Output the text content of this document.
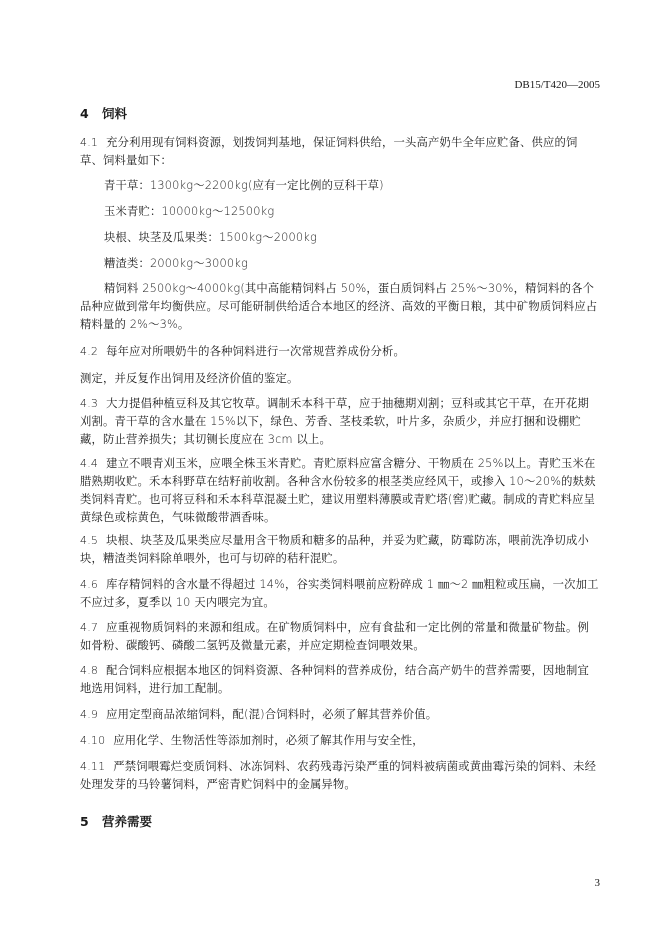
DB15/T420—2005
4 饲料
4.1 充分利用现有饲料资源，划拨饲判基地，保证饲料供给，一头高产奶牛全年应贮备、供应的饲草、饲料量如下：
青干草：1300kg～2200kg(应有一定比例的豆科干草)
玉米青贮：10000kg～12500kg
块根、块茎及瓜果类：1500kg～2000kg
糟渣类：2000kg～3000kg
精饲料 2500kg～4000kg(其中高能精饲料占 50%，蛋白质饲料占 25%～30%，精饲料的各个品种应做到常年均衡供应。尽可能研制供给适合本地区的经济、高效的平衡日粮，其中矿物质饲料应占精料量的 2%～3%。
4.2 每年应对所喂奶牛的各种饲料进行一次常规营养成份分析。
测定，并反复作出饲用及经济价值的鉴定。
4.3 大力提倡种植豆科及其它牧草。调制禾本科干草，应于抽穗期刈割；豆科或其它干草，在开花期刈割。青干草的含水量在 15%以下，绿色、芳香、茎枝柔软，叶片多，杂质少，并应打捆和设棚贮藏，防止营养损失；其切铡长度应在 3cm 以上。
4.4 建立不喂青刈玉米，应喂全株玉米青贮。青贮原料应富含糖分、干物质在 25%以上。青贮玉米在腊熟期收贮。禾本科野草在结籽前收割。各种含水份较多的根茎类应经风干，或掺入 10～20%的麸麸类饲料青贮。也可将豆科和禾本科草混凝土贮，建议用塑料薄膜或青贮塔(窖)贮藏。制成的青贮料应呈黄绿色或棕黄色，气味微酸带酒香味。
4.5 块根、块茎及瓜果类应尽量用含干物质和糖多的品种，并妥为贮藏，防霉防冻，喂前洗净切成小块，糟渣类饲料除单喂外，也可与切碎的秸秆混贮。
4.6 库存精饲料的含水量不得超过 14%，谷实类饲料喂前应粉碎成 1 ㎜～2 ㎜粗粒或压扁，一次加工不应过多，夏季以 10 天内喂完为宜。
4.7 应重视物质饲料的来源和组成。在矿物质饲料中，应有食盐和一定比例的常量和微量矿物盐。例如骨粉、碳酸钙、磷酸二氢钙及微量元素，并应定期检查饲喂效果。
4.8 配合饲料应根据本地区的饲料资源、各种饲料的营养成份，结合高产奶牛的营养需要，因地制宜地选用饲料，进行加工配制。
4.9 应用定型商品浓缩饲料，配(混)合饲料时，必须了解其营养价值。
4.10 应用化学、生物活性等添加剂时，必须了解其作用与安全性，
4.11 严禁饲喂霉烂变质饲料、冰冻饲料、农药残毒污染严重的饲料被病菌或黄曲霉污染的饲料、未经处理发芽的马铃薯饲料，严密青贮饲料中的金属异物。
5 营养需要
3
